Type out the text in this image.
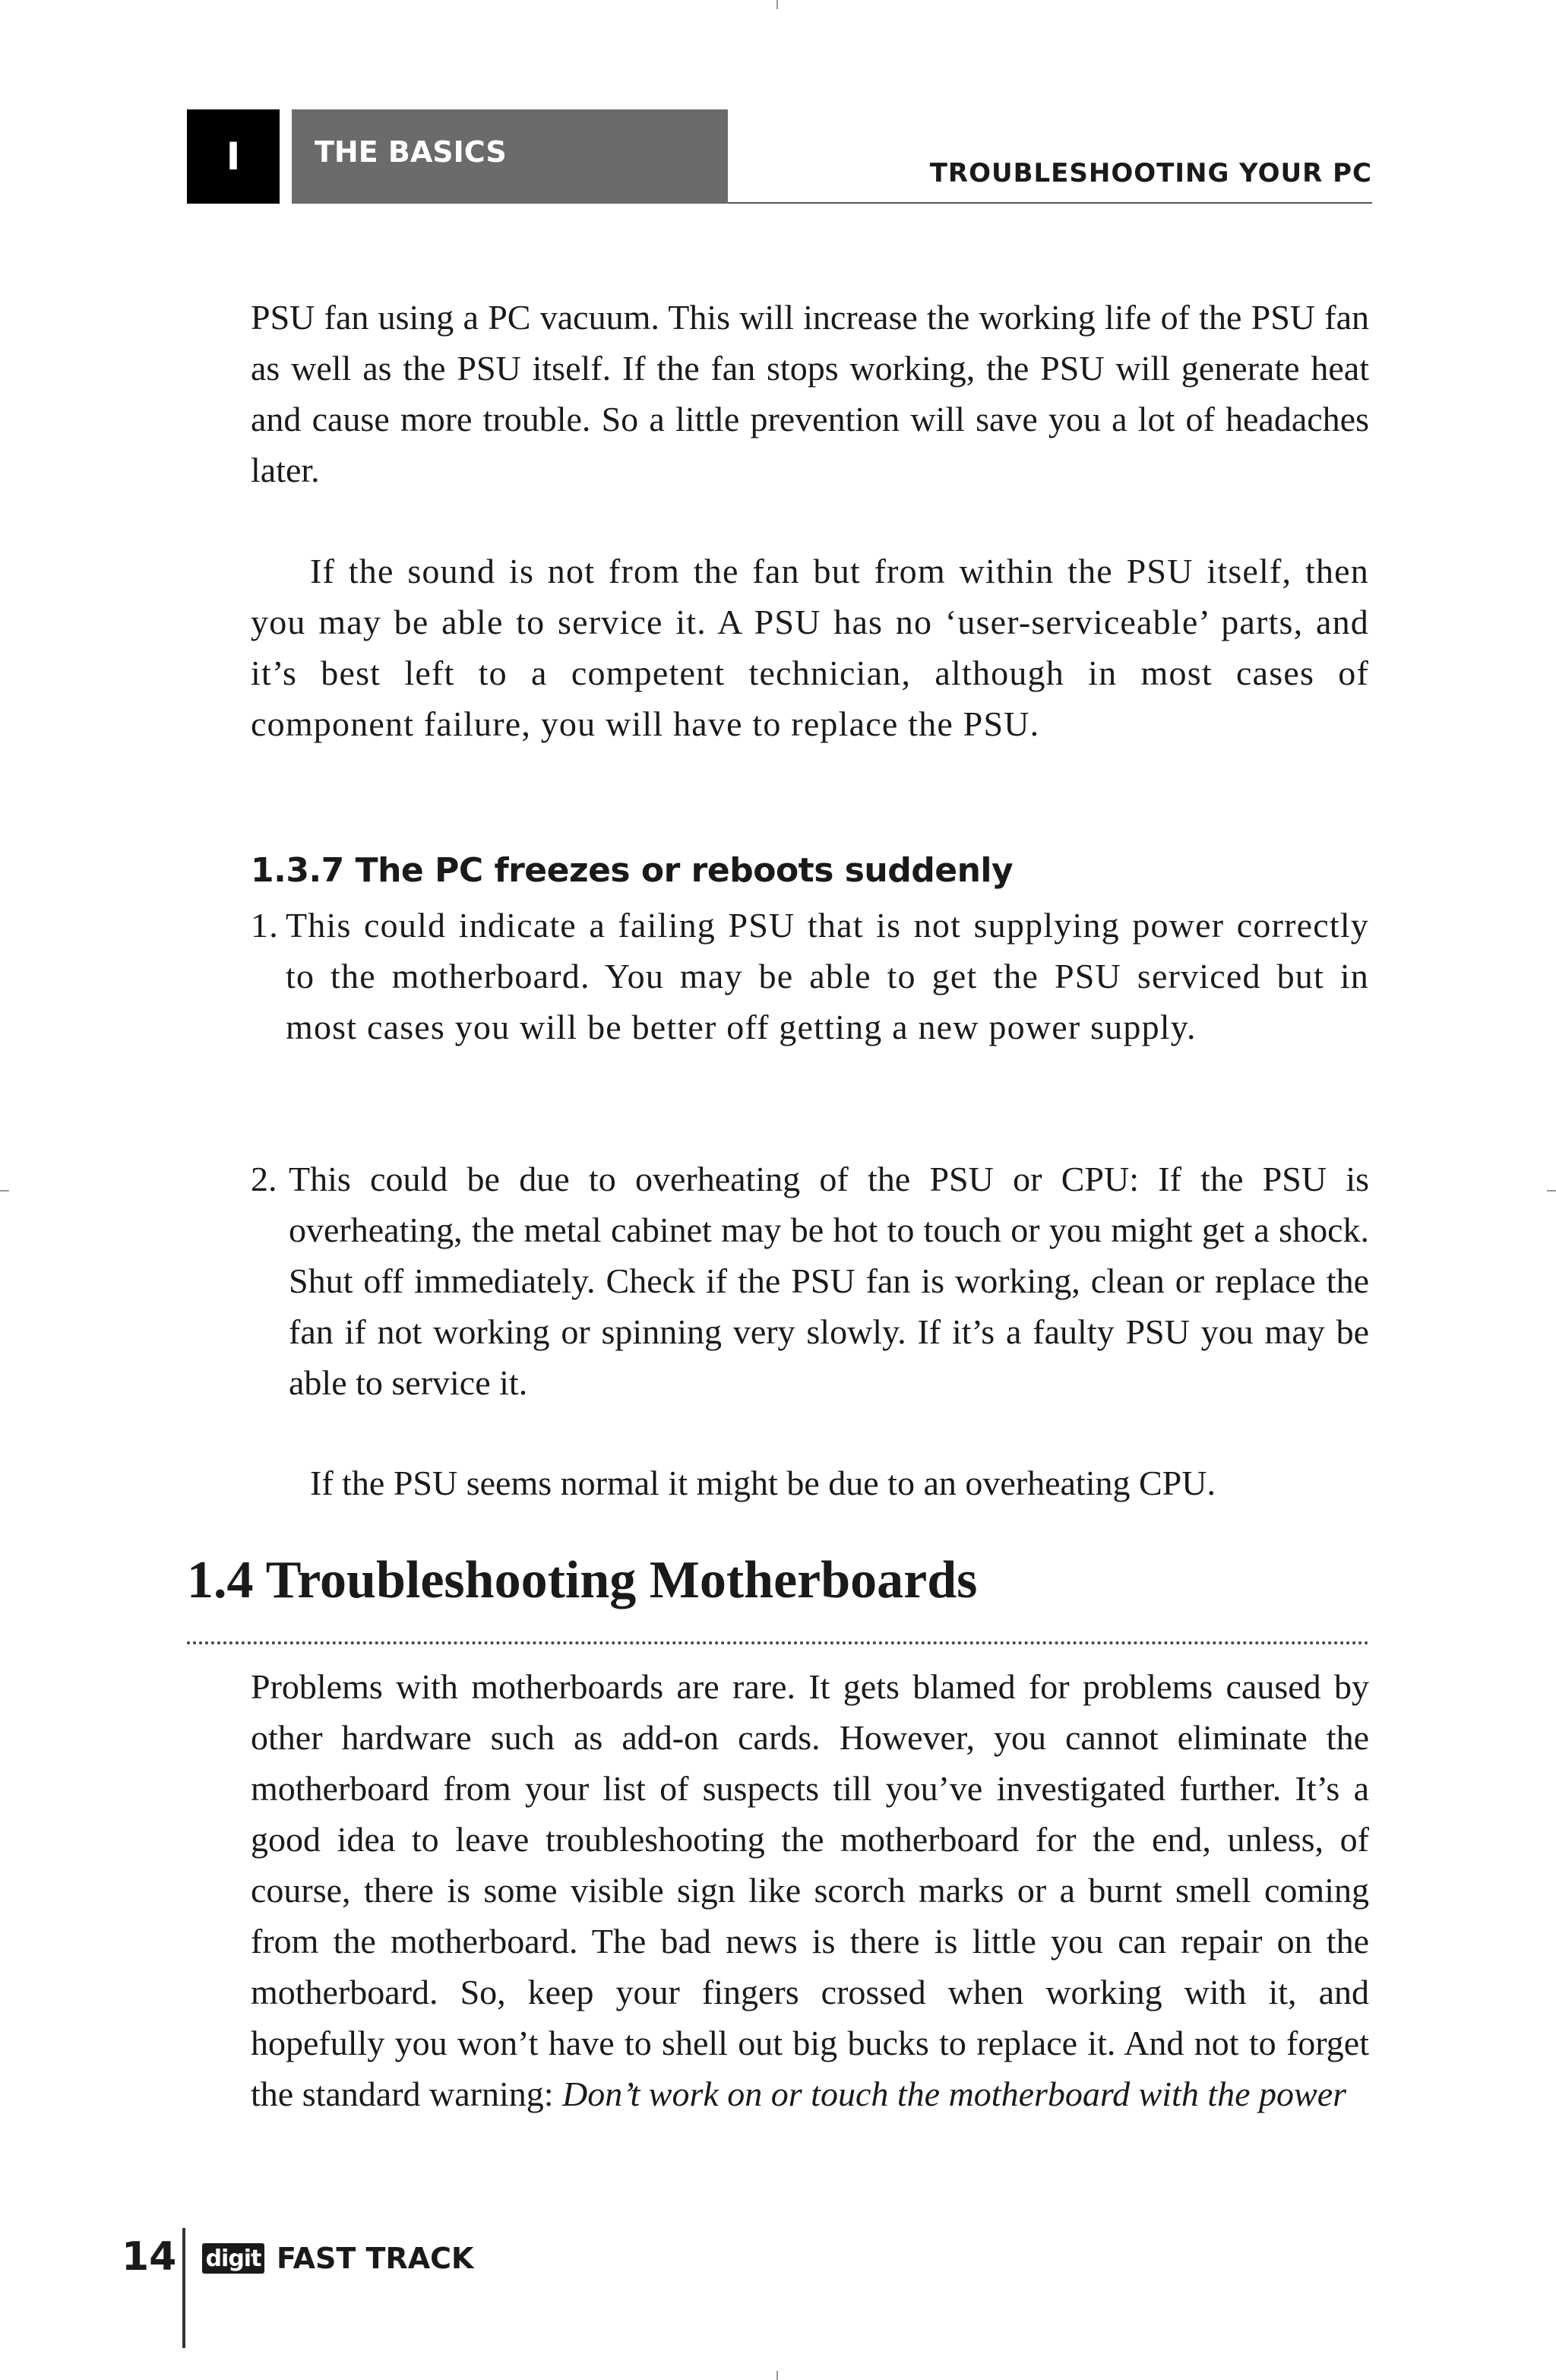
I	THE BASICS
TROUBLESHOOTING YOUR PC

PSU fan using a PC vacuum. This will increase the working life of the PSU fan as well as the PSU itself. If the fan stops working, the PSU will generate heat and cause more trouble. So a little prevention will save you a lot of headaches later.

If the sound is not from the fan but from within the PSU itself, then you may be able to service it. A PSU has no ‘user-serviceable’ parts, and it’s best left to a competent technician, although in most cases of component failure, you will have to replace the PSU.

1.3.7 The PC freezes or reboots suddenly
1. This could indicate a failing PSU that is not supplying power correctly to the motherboard. You may be able to get the PSU serviced but in most cases you will be better off getting a new power supply.
2. This could be due to overheating of the PSU or CPU: If the PSU is overheating, the metal cabinet may be hot to touch or you might get a shock. Shut off immediately. Check if the PSU fan is working, clean or replace the fan if not working or spinning very slowly. If it’s a faulty PSU you may be able to service it.

If the PSU seems normal it might be due to an overheating CPU.

1.4 Troubleshooting Motherboards

Problems with motherboards are rare. It gets blamed for problems caused by other hardware such as add-on cards. However, you cannot eliminate the motherboard from your list of suspects till you’ve investigated further. It’s a good idea to leave troubleshooting the motherboard for the end, unless, of course, there is some visible sign like scorch marks or a burnt smell coming from the motherboard. The bad news is there is little you can repair on the motherboard. So, keep your fingers crossed when working with it, and hopefully you won’t have to shell out big bucks to replace it. And not to forget the standard warning: Don’t work on or touch the motherboard with the power

14 digit FAST TRACK
